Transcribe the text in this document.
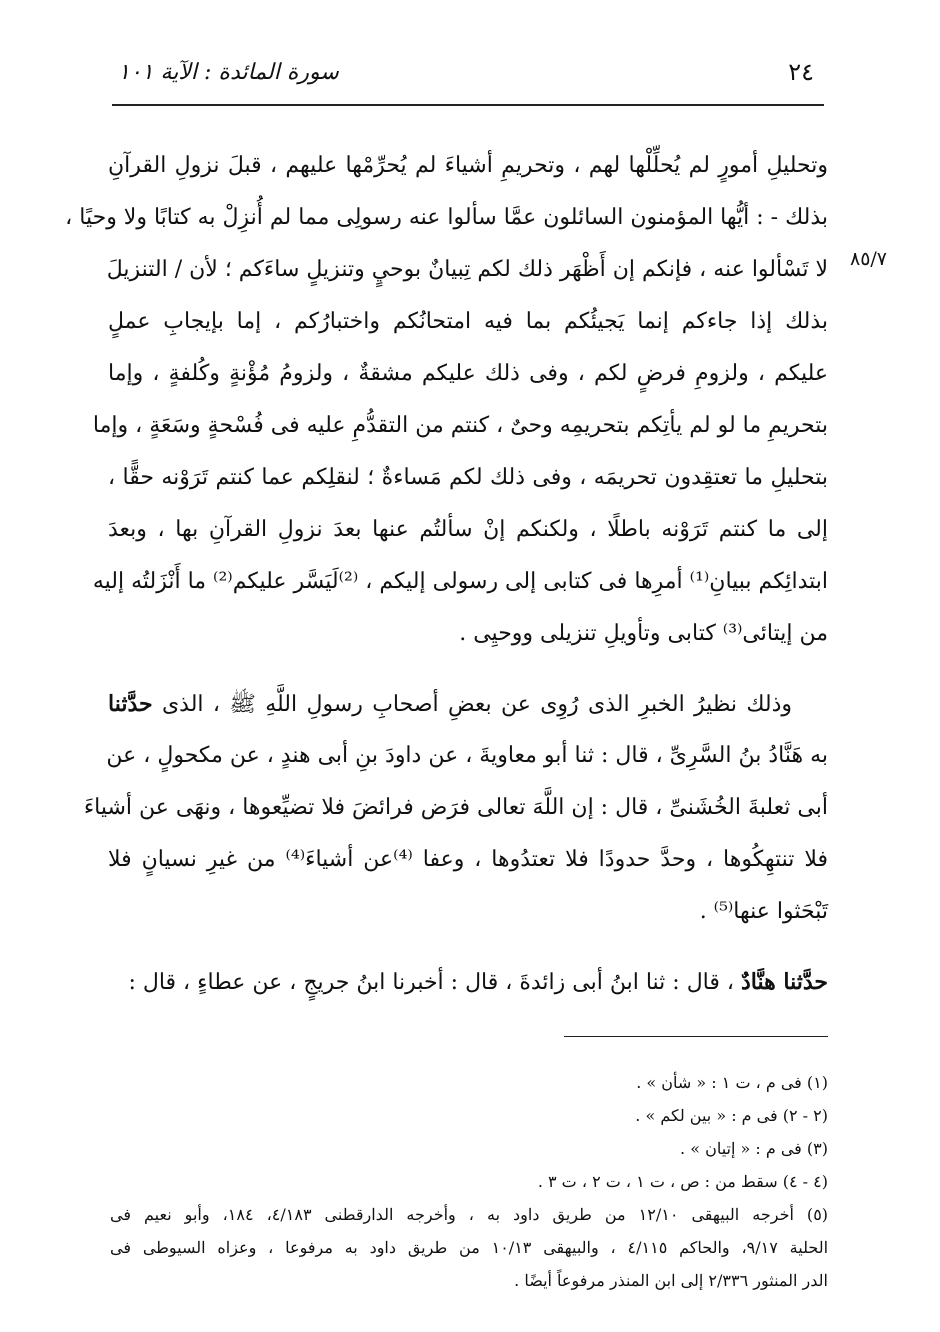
٢٤
سورة المائدة : الآية ١٠١
٨٥/٧
وتحليلِ أمورٍ لم يُحلِّلْها لهم ، وتحريمِ أشياءَ لم يُحرِّمْها عليهم ، قبلَ نزولِ القرآنِ
بذلك - : أيُّها المؤمنون السائلون عمَّا سألوا عنه رسولِى مما لم أُنزِلْ به كتابًا ولا وحيًا ،
لا تَسْألوا عنه ، فإنكم إن أَظْهَر ذلك لكم تِبيانٌ بوحيٍ وتنزيلٍ ساءَكم ؛ لأن / التنزيلَ
بذلك إذا جاءكم إنما يَجيئُكم بما فيه امتحانُكم واختبارُكم ، إما بإيجابِ عملٍ
عليكم ، ولزومِ فرضٍ لكم ، وفى ذلك عليكم مشقةٌ ، ولزومُ مُؤْنةٍ وكُلفةٍ ، وإما
بتحريمِ ما لو لم يأتِكم بتحريمِه وحىٌ ، كنتم من التقدُّمِ عليه فى فُسْحةٍ وسَعَةٍ ، وإما
بتحليلِ ما تعتقِدون تحريمَه ، وفى ذلك لكم مَساءةٌ ؛ لنقلِكم عما كنتم تَرَوْنه حقًّا ،
إلى ما كنتم تَرَوْنه باطلًا ، ولكنكم إنْ سألتُم عنها بعدَ نزولِ القرآنِ بها ، وبعدَ
ابتدائِكم ببيانِ⁽¹⁾ أمرِها فى كتابى إلى رسولى إليكم ، ⁽²⁾لَيَسَّر عليكم⁽²⁾ ما أَنْزَلتُه إليه
من إيتائى⁽³⁾ كتابى وتأويلِ تنزيلى ووحيِى .
وذلك نظيرُ الخبرِ الذى رُوِى عن بعضِ أصحابِ رسولِ اللَّهِ ﷺ ، الذى حدَّثنا
به هَنَّادُ بنُ السَّرِىِّ ، قال : ثنا أبو معاويةَ ، عن داودَ بنِ أبى هندٍ ، عن مكحولٍ ، عن
أبى ثعلبةَ الخُشَنىِّ ، قال : إن اللَّهَ تعالى فرَض فرائضَ فلا تضيِّعوها ، ونهَى عن أشياءَ
فلا تنتهِكُوها ، وحدَّ حدودًا فلا تعتدُوها ، وعفا ⁽⁴⁾عن أشياءَ⁽⁴⁾ من غيرِ نسيانٍ فلا
تَبْحَثوا عنها⁽⁵⁾ .
حدَّثنا هنَّادٌ ، قال : ثنا ابنُ أبى زائدةَ ، قال : أخبرنا ابنُ جريجٍ ، عن عطاءٍ ، قال :
(١) فى م ، ت ١ : « شأن » .
(٢ - ٢) فى م : « بين لكم » .
(٣) فى م : « إتيان » .
(٤ - ٤) سقط من : ص ، ت ١ ، ت ٢ ، ت ٣ .
(٥) أخرجه البيهقى ١٢/١٠ من طريق داود به ، وأخرجه الدارقطنى ٤/١٨٣، ١٨٤، وأبو نعيم فى
الحلية ٩/١٧، والحاكم ٤/١١٥ ، والبيهقى ١٠/١٣ من طريق داود به مرفوعا ، وعزاه السيوطى فى
الدر المنثور ٢/٣٣٦ إلى ابن المنذر مرفوعاً أيضًا .
